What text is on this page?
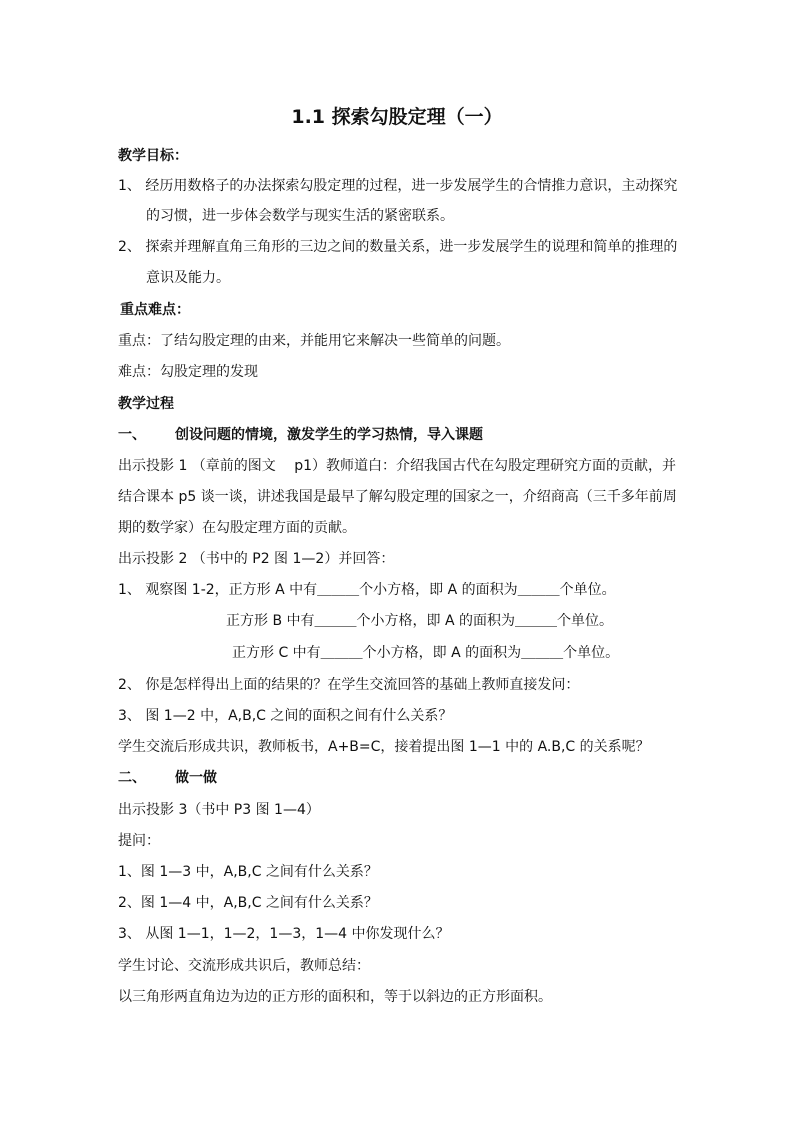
1.1 探索勾股定理（一）
教学目标：
1、 经历用数格子的办法探索勾股定理的过程，进一步发展学生的合情推力意识，主动探究
的习惯，进一步体会数学与现实生活的紧密联系。
2、 探索并理解直角三角形的三边之间的数量关系，进一步发展学生的说理和简单的推理的
意识及能力。
重点难点：
重点：了结勾股定理的由来，并能用它来解决一些简单的问题。
难点：勾股定理的发现
教学过程
一、 创设问题的情境，激发学生的学习热情，导入课题
出示投影 1 （章前的图文　 p1）教师道白：介绍我国古代在勾股定理研究方面的贡献，并
结合课本 p5 谈一谈，讲述我国是最早了解勾股定理的国家之一，介绍商高（三千多年前周
期的数学家）在勾股定理方面的贡献。
出示投影 2 （书中的 P2 图 1—2）并回答：
1、 观察图 1-2，正方形 A 中有＿＿＿个小方格，即 A 的面积为＿＿＿个单位。
正方形 B 中有＿＿＿个小方格，即 A 的面积为＿＿＿个单位。
正方形 C 中有＿＿＿个小方格，即 A 的面积为＿＿＿个单位。
2、 你是怎样得出上面的结果的？在学生交流回答的基础上教师直接发问：
3、 图 1—2 中，A,B,C 之间的面积之间有什么关系？
学生交流后形成共识，教师板书，A+B=C，接着提出图 1—1 中的 A.B,C 的关系呢？
二、 做一做
出示投影 3（书中 P3 图 1—4）
提问：
1、图 1—3 中，A,B,C 之间有什么关系？
2、图 1—4 中，A,B,C 之间有什么关系？
3、 从图 1—1，1—2，1—3，1—4 中你发现什么？
学生讨论、交流形成共识后，教师总结：
以三角形两直角边为边的正方形的面积和，等于以斜边的正方形面积。
